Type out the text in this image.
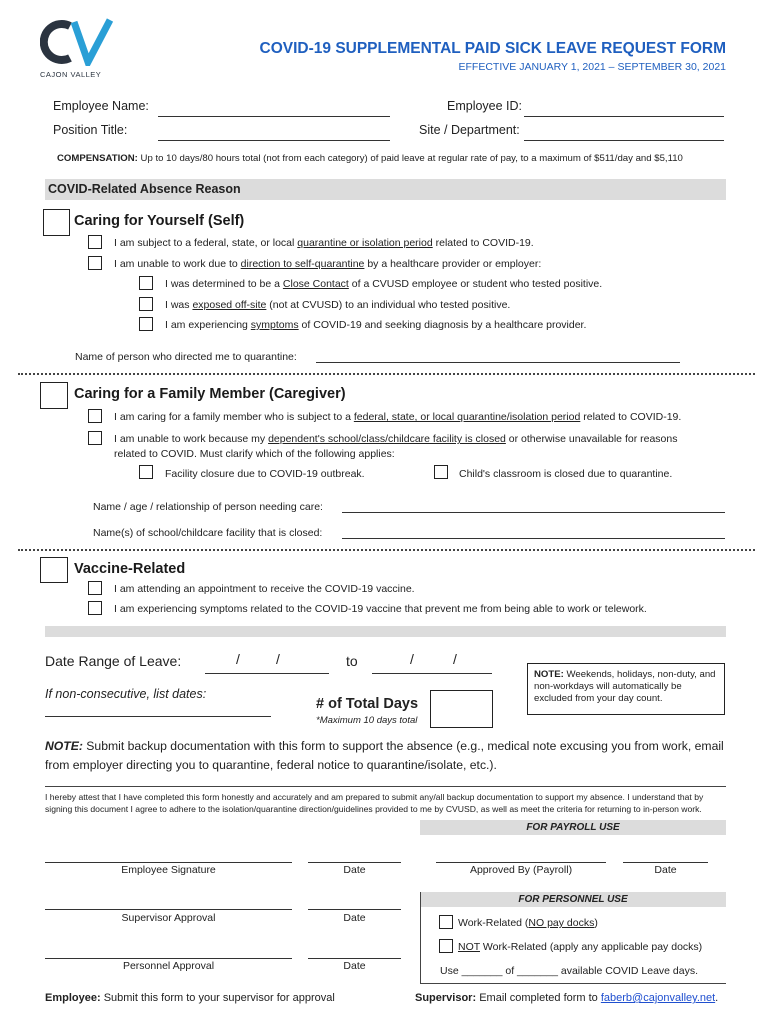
CAJON VALLEY
COVID-19 SUPPLEMENTAL PAID SICK LEAVE REQUEST FORM
EFFECTIVE JANUARY 1, 2021 – SEPTEMBER 30, 2021
Employee Name:	Employee ID:
Position Title:	Site / Department:
COMPENSATION: Up to 10 days/80 hours total (not from each category) of paid leave at regular rate of pay, to a maximum of $511/day and $5,110
COVID-Related Absence Reason
Caring for Yourself (Self)
I am subject to a federal, state, or local quarantine or isolation period related to COVID-19.
I am unable to work due to direction to self-quarantine by a healthcare provider or employer:
I was determined to be a Close Contact of a CVUSD employee or student who tested positive.
I was exposed off-site (not at CVUSD) to an individual who tested positive.
I am experiencing symptoms of COVID-19 and seeking diagnosis by a healthcare provider.
Name of person who directed me to quarantine:
Caring for a Family Member (Caregiver)
I am caring for a family member who is subject to a federal, state, or local quarantine/isolation period related to COVID-19.
I am unable to work because my dependent's school/class/childcare facility is closed or otherwise unavailable for reasons
related to COVID. Must clarify which of the following applies:
Facility closure due to COVID-19 outbreak.	Child's classroom is closed due to quarantine.
Name / age / relationship of person needing care:
Name(s) of school/childcare facility that is closed:
Vaccine-Related
I am attending an appointment to receive the COVID-19 vaccine.
I am experiencing symptoms related to the COVID-19 vaccine that prevent me from being able to work or telework.
Date Range of Leave:	/	/	to	/	/
If non-consecutive, list dates:
# of Total Days
*Maximum 10 days total
NOTE: Weekends, holidays, non-duty, and non-workdays will automatically be excluded from your day count.
NOTE: Submit backup documentation with this form to support the absence (e.g., medical note excusing you from work, email from employer directing you to quarantine, federal notice to quarantine/isolate, etc.).
I hereby attest that I have completed this form honestly and accurately and am prepared to submit any/all backup documentation to support my absence. I understand that by signing this document I agree to adhere to the isolation/quarantine direction/guidelines provided to me by CVUSD, as well as meet the criteria for returning to in-person work.
Employee Signature	Date
Supervisor Approval	Date
Personnel Approval	Date
FOR PAYROLL USE
Approved By (Payroll)	Date
FOR PERSONNEL USE
Work-Related (NO pay docks)
NOT Work-Related (apply any applicable pay docks)
Use _______ of _______ available COVID Leave days.
Employee: Submit this form to your supervisor for approval	Supervisor: Email completed form to faberb@cajonvalley.net.
